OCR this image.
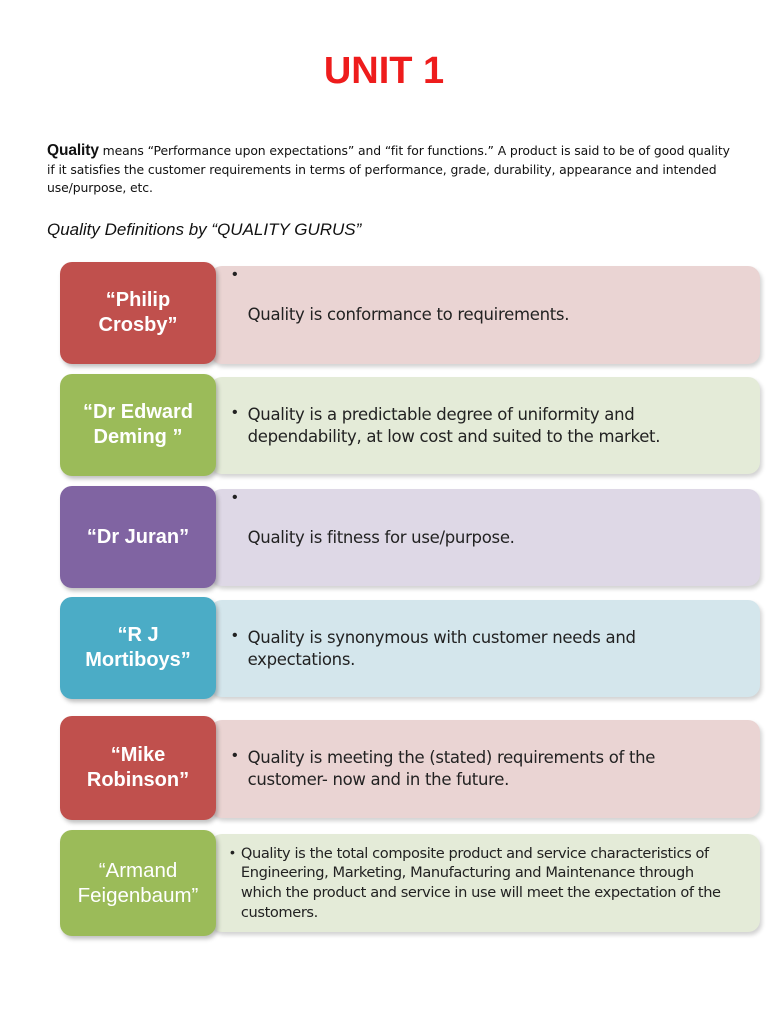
UNIT 1

Quality means “Performance upon expectations” and “fit for functions.” A product is said to be of good quality if it satisfies the customer requirements in terms of performance, grade, durability, appearance and intended use/purpose, etc.

Quality Definitions by “QUALITY GURUS”
•
Quality is conformance to requirements.
“Philip
Crosby”
• Quality is a predictable degree of uniformity and dependability, at low cost and suited to the market.
“Dr Edward
Deming ”
•
Quality is fitness for use/purpose.
“Dr Juran”
• Quality is synonymous with customer needs and expectations.
“R J
Mortiboys”
• Quality is meeting the (stated) requirements of the customer- now and in the future.
“Mike
Robinson”
• Quality is the total composite product and service characteristics of Engineering, Marketing, Manufacturing and Maintenance through which the product and service in use will meet the expectation of the customers.
“Armand
Feigenbaum”
